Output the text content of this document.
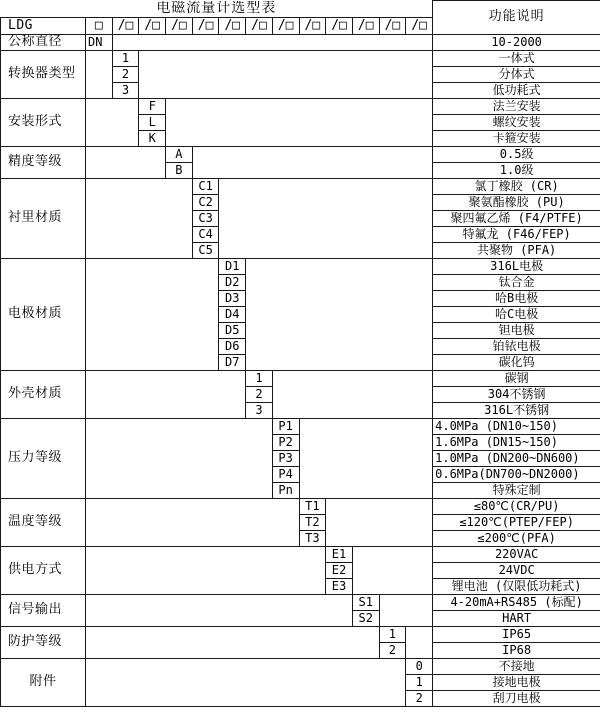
电磁流量计选型表														功能说明
LDG	□	/□	/□	/□	/□	/□	/□	/□	/□	/□	/□	/□	/□	
公称直径	DN													10-2000
转换器类型		1												一体式
		2												分体式
		3												低功耗式
安装形式			F											法兰安装
			L											螺纹安装
			K											卡箍安装
精度等级				A										0.5级
				B										1.0级
衬里材质					C1									氯丁橡胶 (CR)
					C2									聚氨酯橡胶 (PU)
					C3									聚四氟乙烯 (F4/PTFE)
					C4									特氟龙 (F46/FEP)
					C5									共聚物 (PFA)
电极材质						D1								316L电极
						D2								钛合金
						D3								哈B电极
						D4								哈C电极
						D5								钽电极
						D6								铂铱电极
						D7								碳化钨
外壳材质							1							碳钢
							2							304不锈钢
							3							316L不锈钢
压力等级								P1						4.0MPa (DN10~150)
								P2						1.6MPa (DN15~150)
								P3						1.0MPa (DN200~DN600)
								P4						0.6MPa(DN700~DN2000)
								Pn						特殊定制
温度等级									T1					≤80℃(CR/PU)
									T2					≤120℃(PTEP/FEP)
									T3					≤200℃(PFA)
供电方式										E1				220VAC
										E2				24VDC
										E3				锂电池 (仅限低功耗式)
信号输出											S1			4-20mA+RS485 (标配)
											S2			HART
防护等级												1		IP65
												2		IP68
附件													0	不接地
													1	接地电极
													2	刮刀电极
